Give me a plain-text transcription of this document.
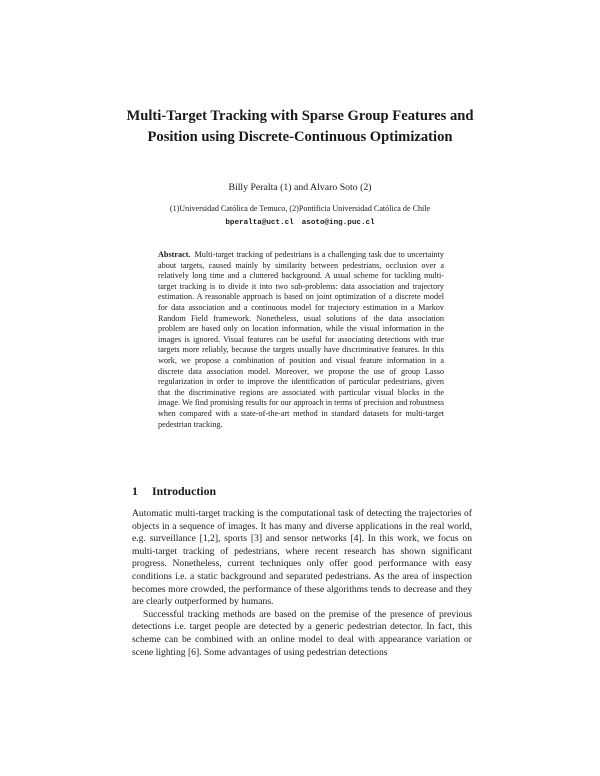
Multi-Target Tracking with Sparse Group Features and Position using Discrete-Continuous Optimization
Billy Peralta (1) and Alvaro Soto (2)
(1)Universidad Católica de Temuco, (2)Pontificia Universidad Católica de Chile
bperalta@uct.cl asoto@ing.puc.cl

Abstract. Multi-target tracking of pedestrians is a challenging task due to uncertainty about targets, caused mainly by similarity between pedestrians, occlusion over a relatively long time and a cluttered background. A usual scheme for tackling multi-target tracking is to divide it into two sub-problems: data association and trajectory estimation. A reasonable approach is based on joint optimization of a discrete model for data association and a continuous model for trajectory estimation in a Markov Random Field framework. Nonetheless, usual solutions of the data association problem are based only on location information, while the visual information in the images is ignored. Visual features can be useful for associating detections with true targets more reliably, because the targets usually have discriminative features. In this work, we propose a combination of position and visual feature information in a discrete data association model. Moreover, we propose the use of group Lasso regularization in order to improve the identification of particular pedestrians, given that the discriminative regions are associated with particular visual blocks in the image. We find promising results for our approach in terms of precision and robustness when compared with a state-of-the-art method in standard datasets for multi-target pedestrian tracking.

1 Introduction

Automatic multi-target tracking is the computational task of detecting the trajectories of objects in a sequence of images. It has many and diverse applications in the real world, e.g. surveillance [1,2], sports [3] and sensor networks [4]. In this work, we focus on multi-target tracking of pedestrians, where recent research has shown significant progress. Nonetheless, current techniques only offer good performance with easy conditions i.e. a static background and separated pedestrians. As the area of inspection becomes more crowded, the performance of these algorithms tends to decrease and they are clearly outperformed by humans.

Successful tracking methods are based on the premise of the presence of previous detections i.e. target people are detected by a generic pedestrian detector. In fact, this scheme can be combined with an online model to deal with appearance variation or scene lighting [6]. Some advantages of using pedestrian detections
